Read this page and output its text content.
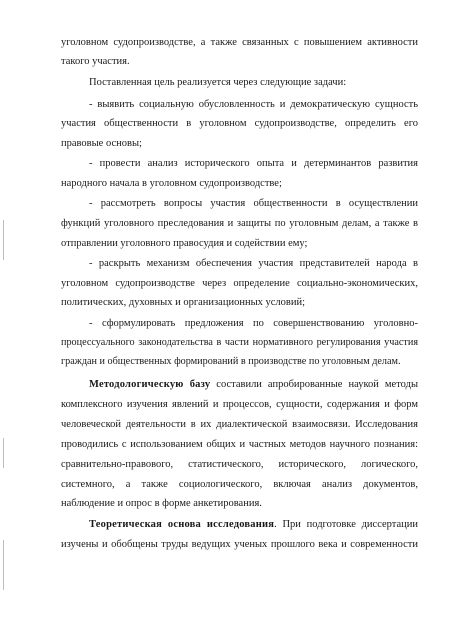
уголовном судопроизводстве, а также связанных с повышением активности
такого участия.
Поставленная цель реализуется через следующие задачи:
- выявить социальную обусловленность и демократическую сущность
участия общественности в уголовном судопроизводстве, определить его
правовые основы;
- провести анализ исторического опыта и детерминантов развития
народного начала в уголовном судопроизводстве;
- рассмотреть вопросы участия общественности в осуществлении
функций уголовного преследования и защиты по уголовным делам, а также в
отправлении уголовного правосудия и содействии ему;
- раскрыть механизм обеспечения участия представителей народа в
уголовном судопроизводстве через определение социально-экономических,
политических, духовных и организационных условий;
- сформулировать предложения по совершенствованию уголовно-
процессуального законодательства в части нормативного регулирования участия
граждан и общественных формирований в производстве по уголовным делам.
Методологическую базу составили апробированные наукой методы
комплексного изучения явлений и процессов, сущности, содержания и форм
человеческой деятельности в их диалектической взаимосвязи. Исследования
проводились с использованием общих и частных методов научного познания:
сравнительно-правового, статистического, исторического, логического,
системного, а также социологического, включая анализ документов,
наблюдение и опрос в форме анкетирования.
Теоретическая основа исследования. При подготовке диссертации
изучены и обобщены труды ведущих ученых прошлого века и современности
